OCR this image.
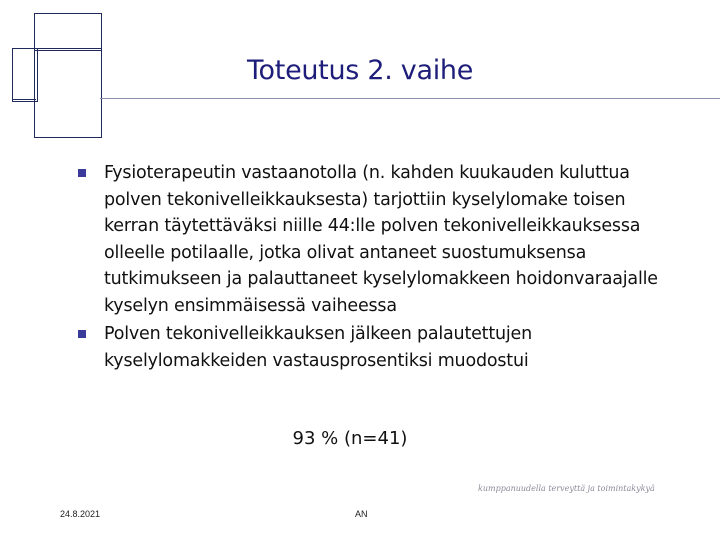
Toteutus 2. vaihe
Fysioterapeutin vastaanotolla (n. kahden kuukauden kuluttua polven tekonivelleikkauksesta) tarjottiin kyselylomake toisen kerran täytettäväksi niille 44:lle polven tekonivelleikkauksessa olleelle potilaalle, jotka olivat antaneet suostumuksensa tutkimukseen ja palauttaneet kyselylomakkeen hoidonvaraajalle kyselyn ensimmäisessä vaiheessa
Polven tekonivelleikkauksen jälkeen palautettujen kyselylomakkeiden vastausprosentiksi muodostui
93 % (n=41)
kumppanuudella terveyttä ja toimintakykyä
24.8.2021	AN
